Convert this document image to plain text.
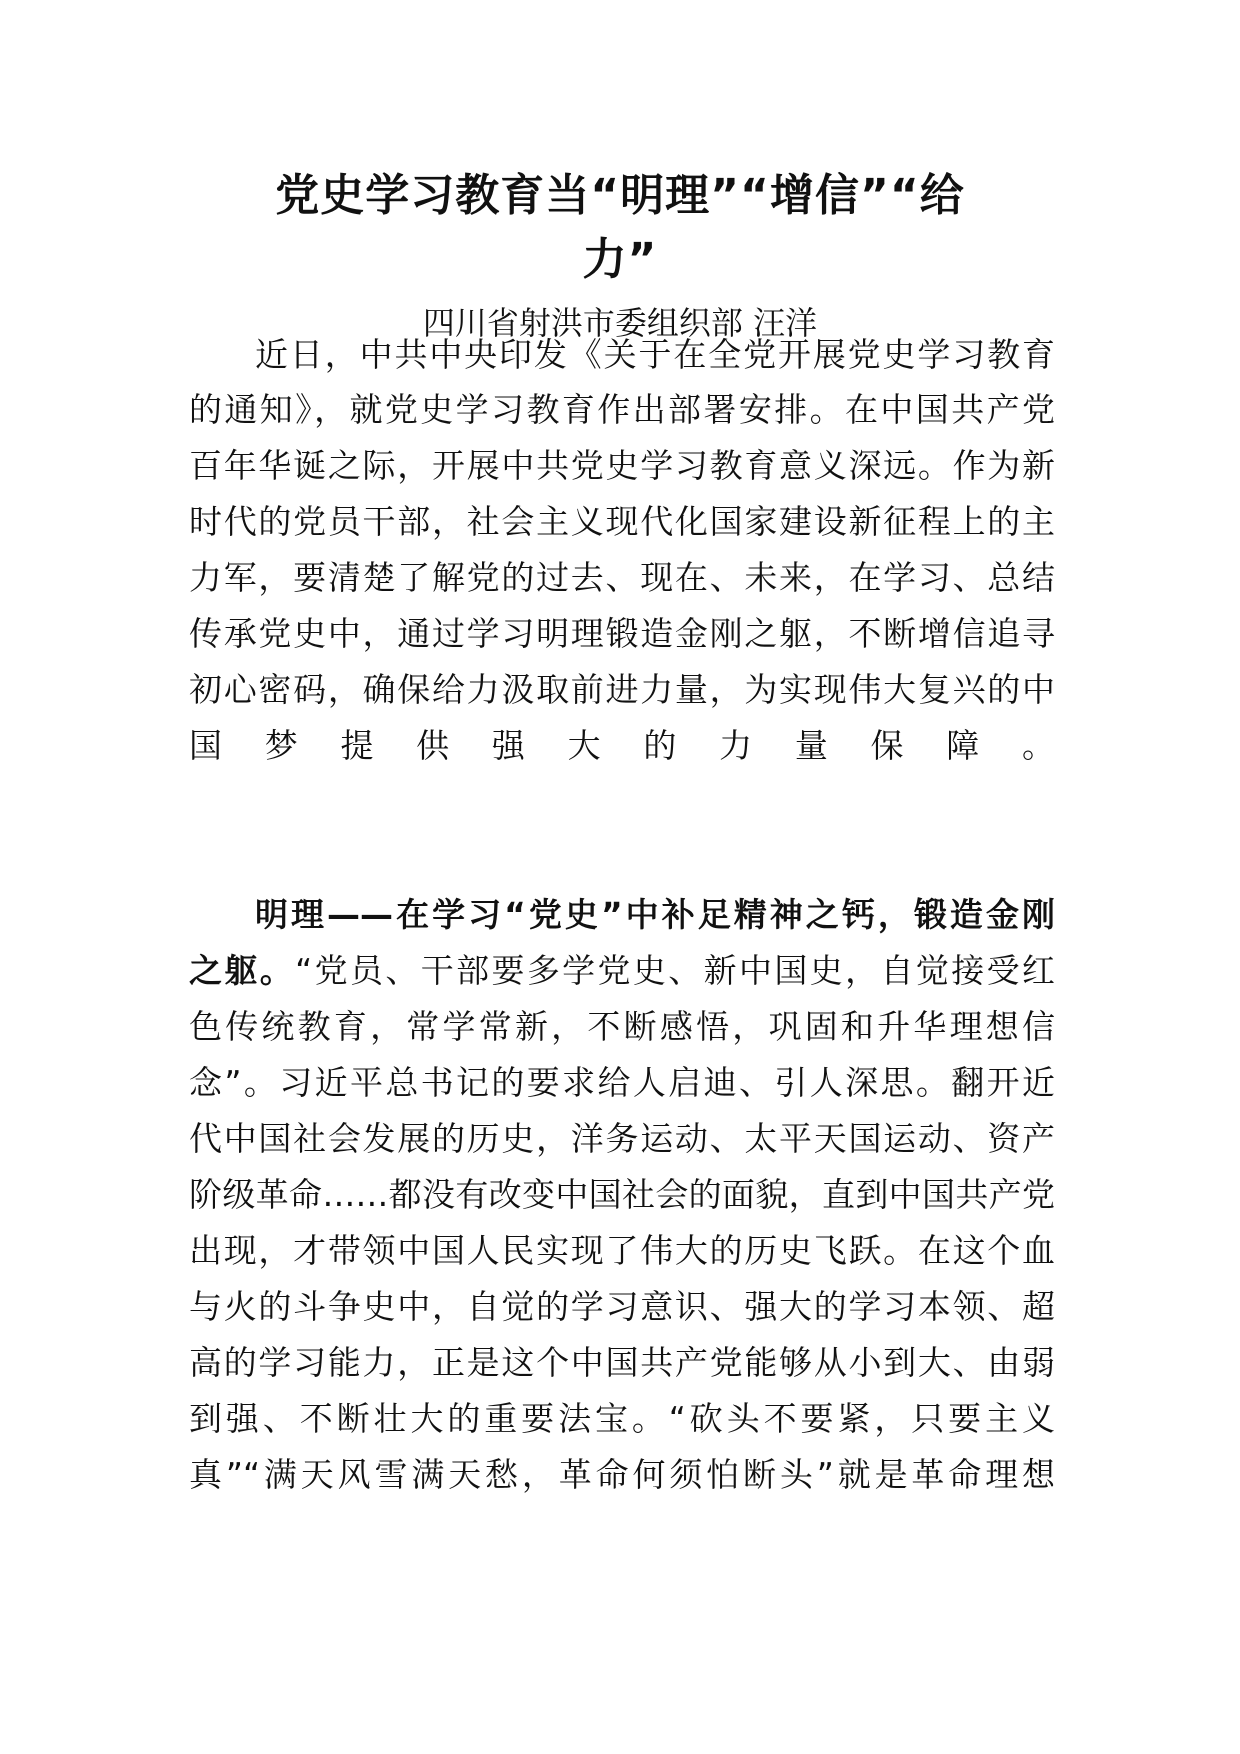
党史学习教育当“明理”“增信”“给
力”

四川省射洪市委组织部 汪洋

近日，中共中央印发《关于在全党开展党史学习教育

的通知》，就党史学习教育作出部署安排。在中国共产党

百年华诞之际，开展中共党史学习教育意义深远。作为新

时代的党员干部，社会主义现代化国家建设新征程上的主

力军，要清楚了解党的过去、现在、未来，在学习、总结

传承党史中，通过学习明理锻造金刚之躯，不断增信追寻

初心密码，确保给力汲取前进力量，为实现伟大复兴的中

国梦提供强大的力量保障。

明理——在学习“党史”中补足精神之钙，锻造金刚

之躯。“党员、干部要多学党史、新中国史，自觉接受红

色传统教育，常学常新，不断感悟，巩固和升华理想信

念”。习近平总书记的要求给人启迪、引人深思。翻开近

代中国社会发展的历史，洋务运动、太平天国运动、资产

阶级革命……都没有改变中国社会的面貌，直到中国共产党

出现，才带领中国人民实现了伟大的历史飞跃。在这个血

与火的斗争史中，自觉的学习意识、强大的学习本领、超

高的学习能力，正是这个中国共产党能够从小到大、由弱

到强、不断壮大的重要法宝。“砍头不要紧，只要主义

真”“满天风雪满天愁，革命何须怕断头”就是革命理想
